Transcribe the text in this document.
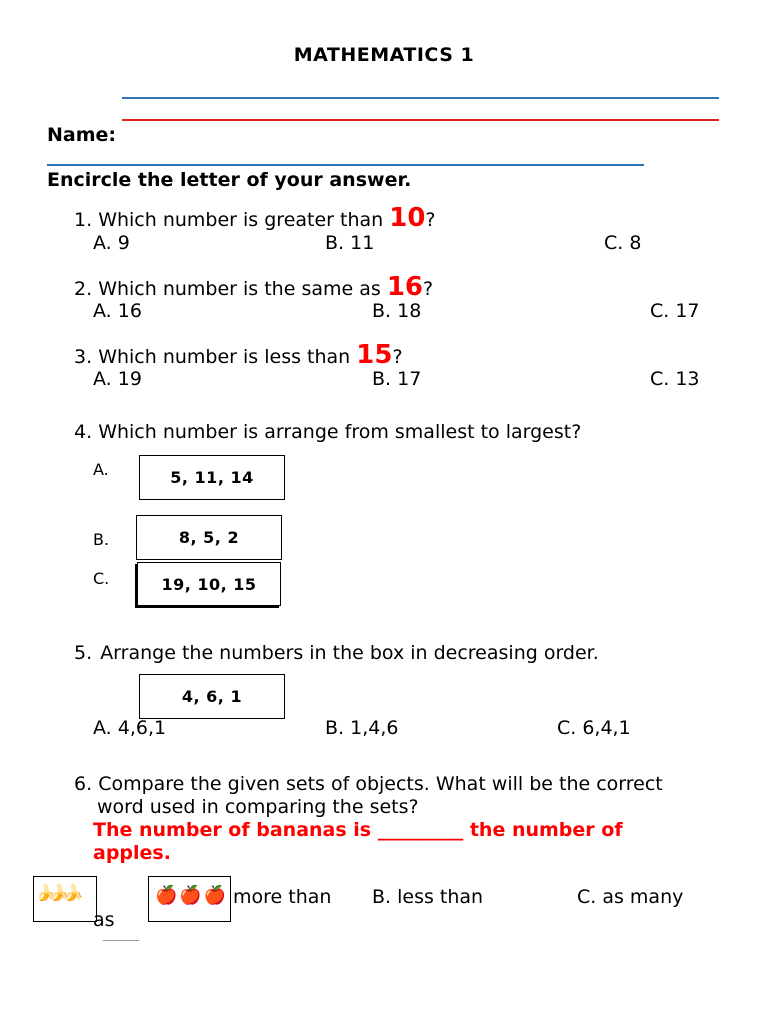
MATHEMATICS 1
Name:
Encircle the letter of your answer.
1. Which number is greater than 10?
A. 9	B. 11	C. 8
2. Which number is the same as 16?
A. 16	B. 18	C. 17
3. Which number is less than 15?
A. 19	B. 17	C. 13
4. Which number is arrange from smallest to largest?
A.	5, 11, 14
B.	8, 5, 2
C.	19, 10, 15
5. Arrange the numbers in the box in decreasing order.
4, 6, 1
A. 4,6,1	B. 1,4,6	C. 6,4,1
6. Compare the given sets of objects. What will be the correct
word used in comparing the sets?
The number of bananas is _________ the number of
apples.
🍌🍌🍌	🍎🍎🍎 more than B. less than	C. as many
as
